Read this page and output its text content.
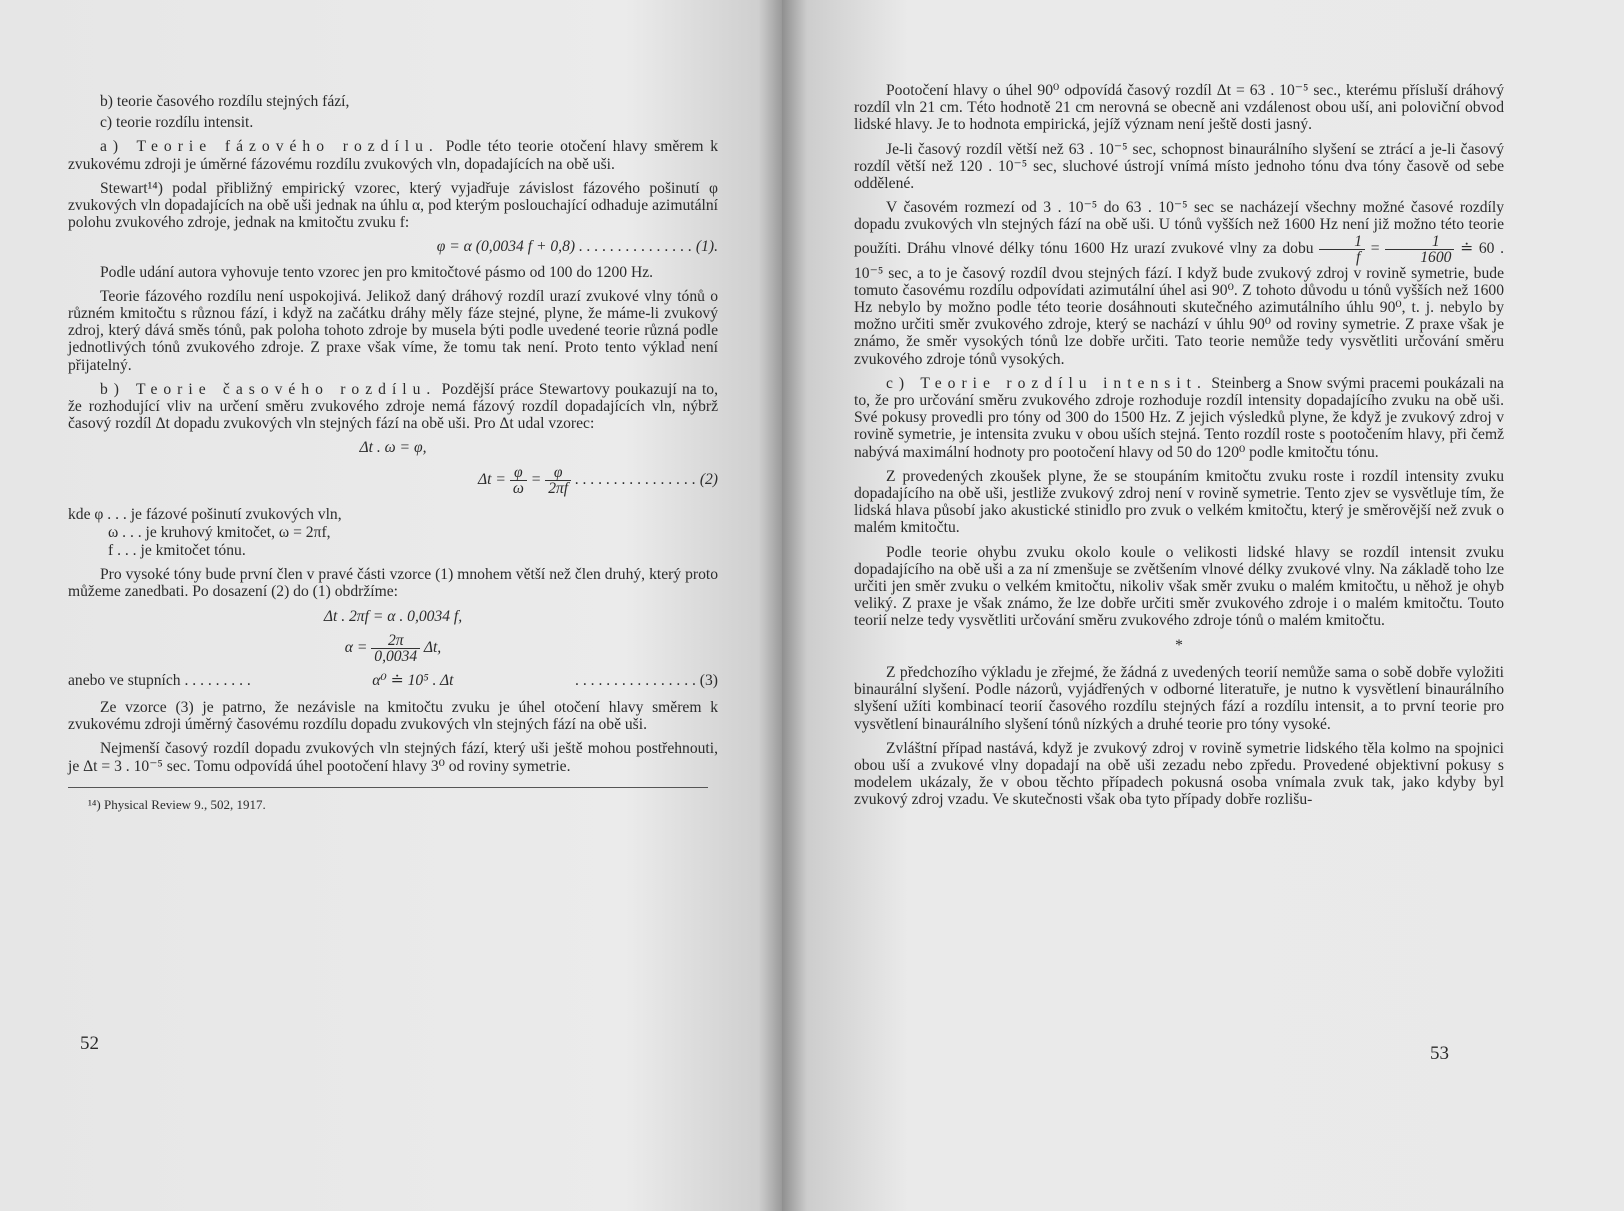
b) teorie časového rozdílu stejných fází,

c) teorie rozdílu intensit.

a) Teorie fázového rozdílu. Podle této teorie otočení hlavy směrem k zvukovému zdroji je úměrné fázovému rozdílu zvukových vln, dopadajících na obě uši.

Stewart¹⁴) podal přibližný empirický vzorec, který vyjadřuje závislost fázového pošinutí φ zvukových vln dopadajících na obě uši jednak na úhlu α, pod kterým poslouchající odhaduje azimutální polohu zvukového zdroje, jednak na kmitočtu zvuku f:

φ = α (0,0034 f + 0,8) . . . . . . . . . . . . . . . (1).

Podle udání autora vyhovuje tento vzorec jen pro kmitočtové pásmo od 100 do 1200 Hz.

Teorie fázového rozdílu není uspokojivá. Jelikož daný dráhový rozdíl urazí zvukové vlny tónů o různém kmitočtu s různou fází, i když na začátku dráhy měly fáze stejné, plyne, že máme-li zvukový zdroj, který dává směs tónů, pak poloha tohoto zdroje by musela býti podle uvedené teorie různá podle jednotlivých tónů zvukového zdroje. Z praxe však víme, že tomu tak není. Proto tento výklad není přijatelný.

b) Teorie časového rozdílu. Pozdější práce Stewartovy poukazují na to, že rozhodující vliv na určení směru zvukového zdroje nemá fázový rozdíl dopadajících vln, nýbrž časový rozdíl Δt dopadu zvukových vln stejných fází na obě uši. Pro Δt udal vzorec:

Δt . ω = φ,
$\Delta t = \frac{\varphi}{\omega} = \frac{\varphi}{2\pi f}$ . . . . . . . . . . . . . . . . (2)
kde φ . . . je fázové pošinutí zvukových vln,
ω . . . je kruhový kmitočet, ω = 2πf,
f . . . je kmitočet tónu.

Pro vysoké tóny bude první člen v pravé části vzorce (1) mnohem větší než člen druhý, který proto můžeme zanedbati. Po dosazení (2) do (1) obdržíme:

Δt . 2πf = α . 0,0034 f,
$\alpha = \frac{2\pi}{0,0034} \Delta t$,
anebo ve stupních . . . . . . . . .	α⁰ ≐ 10⁵ . Δt	. . . . . . . . . . . . . . . . (3)

Ze vzorce (3) je patrno, že nezávisle na kmitočtu zvuku je úhel otočení hlavy směrem k zvukovému zdroji úměrný časovému rozdílu dopadu zvukových vln stejných fází na obě uši.

Nejmenší časový rozdíl dopadu zvukových vln stejných fází, který uši ještě mohou postřehnouti, je Δt = 3 . 10⁻⁵ sec. Tomu odpovídá úhel pootočení hlavy 3⁰ od roviny symetrie.

¹⁴) Physical Review 9., 502, 1917.
52

Pootočení hlavy o úhel 90⁰ odpovídá časový rozdíl Δt = 63 . 10⁻⁵ sec., kterému přísluší dráhový rozdíl vln 21 cm. Této hodnotě 21 cm nerovná se obecně ani vzdálenost obou uší, ani poloviční obvod lidské hlavy. Je to hodnota empirická, jejíž význam není ještě dosti jasný.

Je-li časový rozdíl větší než 63 . 10⁻⁵ sec, schopnost binaurálního slyšení se ztrácí a je-li časový rozdíl větší než 120 . 10⁻⁵ sec, sluchové ústrojí vnímá místo jednoho tónu dva tóny časově od sebe oddělené.

V časovém rozmezí od 3 . 10⁻⁵ do 63 . 10⁻⁵ sec se nacházejí všechny možné časové rozdíly dopadu zvukových vln stejných fází na obě uši. U tónů vyšších než 1600 Hz není již možno této teorie použíti. Dráhu vlnové délky tónu 1600 Hz urazí zvukové vlny za dobu $\frac{1}{f} = \frac{1}{1600}$ ≐ 60 . 10⁻⁵ sec, a to je časový rozdíl dvou stejných fází. I když bude zvukový zdroj v rovině symetrie, bude tomuto časovému rozdílu odpovídati azimutální úhel asi 90⁰. Z tohoto důvodu u tónů vyšších než 1600 Hz nebylo by možno podle této teorie dosáhnouti skutečného azimutálního úhlu 90⁰, t. j. nebylo by možno určiti směr zvukového zdroje, který se nachází v úhlu 90⁰ od roviny symetrie. Z praxe však je známo, že směr vysokých tónů lze dobře určiti. Tato teorie nemůže tedy vysvětliti určování směru zvukového zdroje tónů vysokých.

c) Teorie rozdílu intensit. Steinberg a Snow svými pracemi poukázali na to, že pro určování směru zvukového zdroje rozhoduje rozdíl intensity dopadajícího zvuku na obě uši. Své pokusy provedli pro tóny od 300 do 1500 Hz. Z jejich výsledků plyne, že když je zvukový zdroj v rovině symetrie, je intensita zvuku v obou uších stejná. Tento rozdíl roste s pootočením hlavy, při čemž nabývá maximální hodnoty pro pootočení hlavy od 50 do 120⁰ podle kmitočtu tónu.

Z provedených zkoušek plyne, že se stoupáním kmitočtu zvuku roste i rozdíl intensity zvuku dopadajícího na obě uši, jestliže zvukový zdroj není v rovině symetrie. Tento zjev se vysvětluje tím, že lidská hlava působí jako akustické stinidlo pro zvuk o velkém kmitočtu, který je směrovější než zvuk o malém kmitočtu.

Podle teorie ohybu zvuku okolo koule o velikosti lidské hlavy se rozdíl intensit zvuku dopadajícího na obě uši a za ní zmenšuje se zvětšením vlnové délky zvukové vlny. Na základě toho lze určiti jen směr zvuku o velkém kmitočtu, nikoliv však směr zvuku o malém kmitočtu, u něhož je ohyb veliký. Z praxe je však známo, že lze dobře určiti směr zvukového zdroje i o malém kmitočtu. Touto teorií nelze tedy vysvětliti určování směru zvukového zdroje tónů o malém kmitočtu.

*

Z předchozího výkladu je zřejmé, že žádná z uvedených teorií nemůže sama o sobě dobře vyložiti binaurální slyšení. Podle názorů, vyjádřených v odborné literatuře, je nutno k vysvětlení binaurálního slyšení užíti kombinací teorií časového rozdílu stejných fází a rozdílu intensit, a to první teorie pro vysvětlení binaurálního slyšení tónů nízkých a druhé teorie pro tóny vysoké.

Zvláštní případ nastává, když je zvukový zdroj v rovině symetrie lidského těla kolmo na spojnici obou uší a zvukové vlny dopadají na obě uši zezadu nebo zpředu. Provedené objektivní pokusy s modelem ukázaly, že v obou těchto případech pokusná osoba vnímala zvuk tak, jako kdyby byl zvukový zdroj vzadu. Ve skutečnosti však oba tyto případy dobře rozlišu-

53
